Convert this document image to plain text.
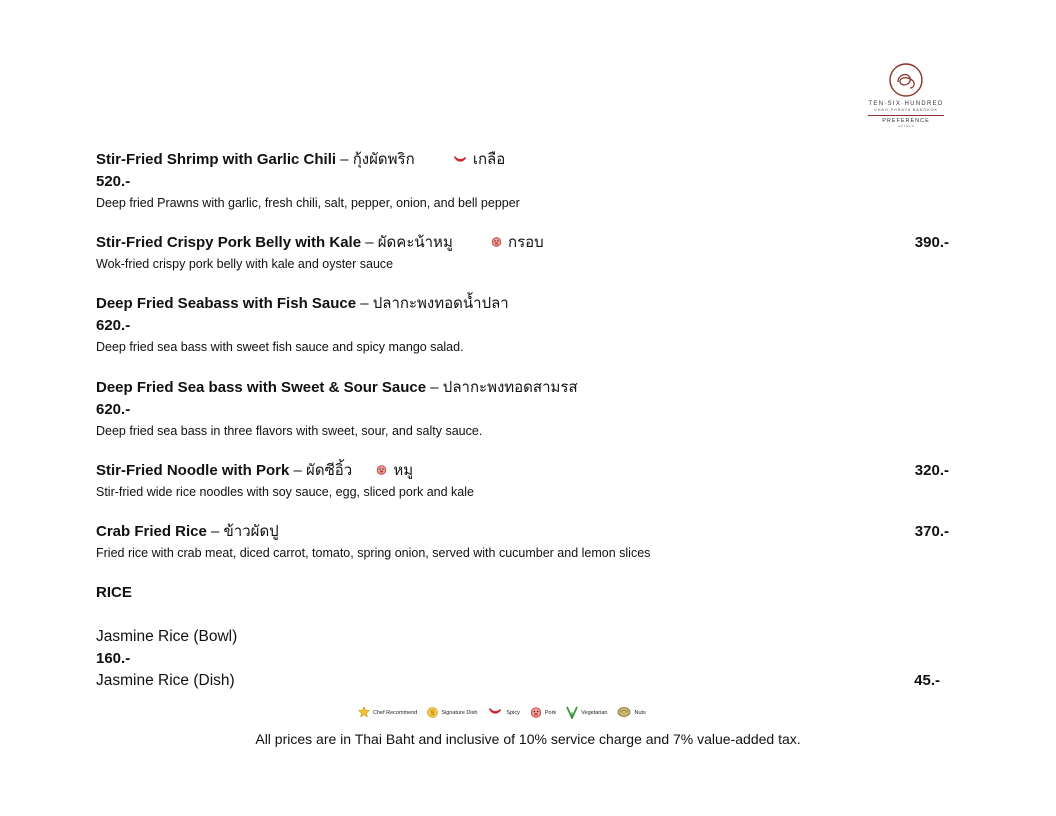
TEN·SIX·HUNDRED
CHAO PHRAYA BANGKOK
PREFERENCE
HOTELS
Stir-Fried Shrimp with Garlic Chili – กุ้งผัดพริก	เกลือ
520.-
Deep fried Prawns with garlic, fresh chili, salt, pepper, onion, and bell pepper
Stir-Fried Crispy Pork Belly with Kale – ผัดคะน้าหมู	กรอบ	390.-
Wok-fried crispy pork belly with kale and oyster sauce
Deep Fried Seabass with Fish Sauce – ปลากะพงทอดน้ำปลา
620.-
Deep fried sea bass with sweet fish sauce and spicy mango salad.
Deep Fried Sea bass with Sweet & Sour Sauce – ปลากะพงทอดสามรส
620.-
Deep fried sea bass in three flavors with sweet, sour, and salty sauce.
Stir-Fried Noodle with Pork – ผัดซีอิ้ว	หมู	320.-
Stir-fried wide rice noodles with soy sauce, egg, sliced pork and kale
Crab Fried Rice – ข้าวผัดปู	370.-
Fried rice with crab meat, diced carrot, tomato, spring onion, served with cucumber and lemon slices
RICE
Jasmine Rice (Bowl)
160.-
Jasmine Rice (Dish)	45.-
Chef Recommend S Signature Dish	Spicy	Pork	Vegetarian	Nuts
All prices are in Thai Baht and inclusive of 10% service charge and 7% value-added tax.
